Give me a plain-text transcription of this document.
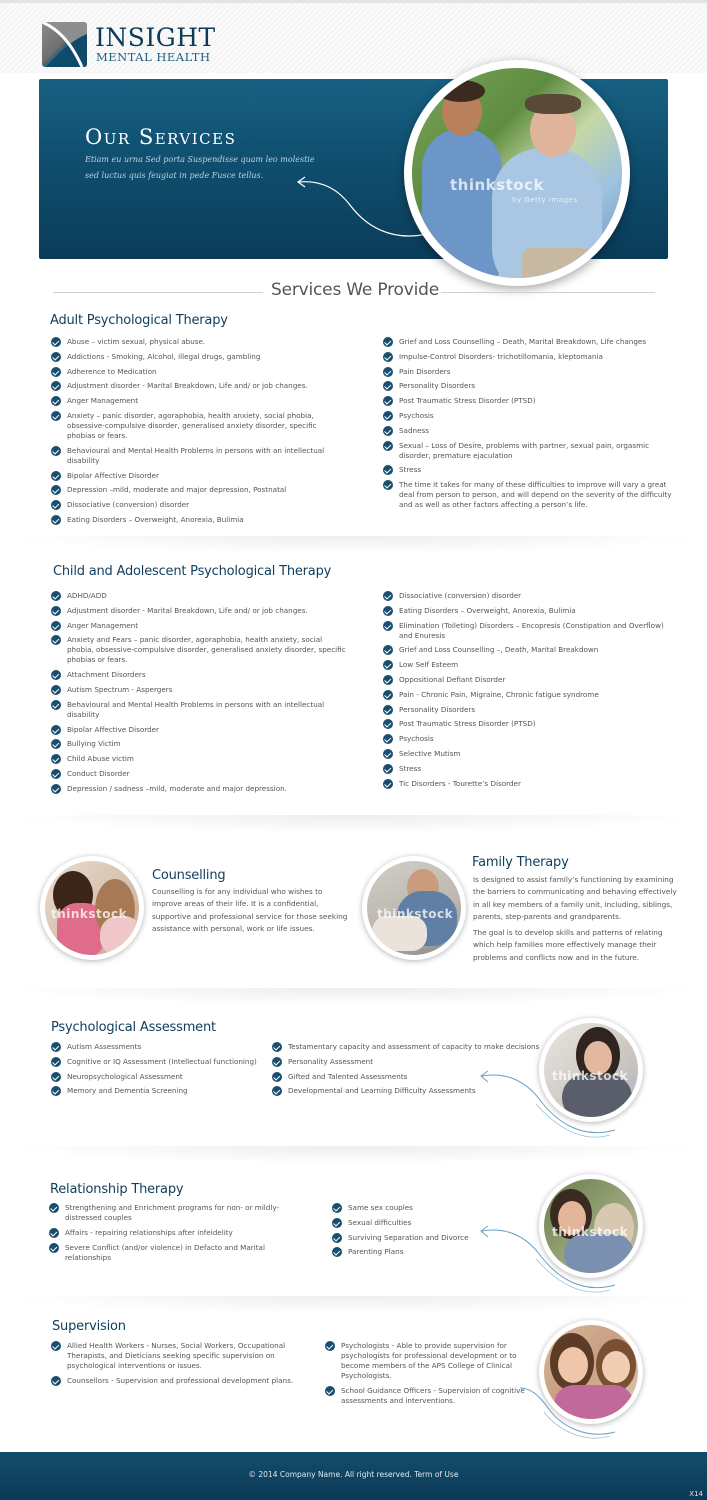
INSIGHT
MENTAL HEALTH
Our Services
Etiam eu urna Sed porta Suspendisse quam leo molestie sed luctus quis feugiat in pede Fusce tellus.
thinkstock
by Getty Images
Services We Provide
Adult Psychological Therapy
Abuse – victim sexual, physical abuse.
Addictions - Smoking, Alcohol, illegal drugs, gambling
Adherence to Medication
Adjustment disorder - Marital Breakdown, Life and/ or job changes.
Anger Management
Anxiety – panic disorder, agoraphobia, health anxiety, social phobia, obsessive-compulsive disorder, generalised anxiety disorder, specific phobias or fears.
Behavioural and Mental Health Problems in persons with an intellectual disability
Bipolar Affective Disorder
Depression –mild, moderate and major depression, Postnatal
Dissociative (conversion) disorder
Eating Disorders – Overweight, Anorexia, Bulimia
Grief and Loss Counselling – Death, Marital Breakdown, Life changes
Impulse-Control Disorders- trichotillomania, kleptomania
Pain Disorders
Personality Disorders
Post Traumatic Stress Disorder (PTSD)
Psychosis
Sadness
Sexual – Loss of Desire, problems with partner, sexual pain, orgasmic disorder, premature ejaculation
Stress
The time it takes for many of these difficulties to improve will vary a great deal from person to person, and will depend on the severity of the difficulty and as well as other factors affecting a person’s life.
Child and Adolescent Psychological Therapy
ADHD/ADD
Adjustment disorder - Marital Breakdown, Life and/ or job changes.
Anger Management
Anxiety and Fears – panic disorder, agoraphobia, health anxiety, social phobia, obsessive-compulsive disorder, generalised anxiety disorder, specific phobias or fears.
Attachment Disorders
Autism Spectrum - Aspergers
Behavioural and Mental Health Problems in persons with an intellectual disability
Bipolar Affective Disorder
Bullying Victim
Child Abuse victim
Conduct Disorder
Depression / sadness –mild, moderate and major depression.
Dissociative (conversion) disorder
Eating Disorders – Overweight, Anorexia, Bulimia
Elimination (Toileting) Disorders – Encopresis (Constipation and Overflow) and Enuresis
Grief and Loss Counselling –, Death, Marital Breakdown
Low Self Esteem
Oppositional Defiant Disorder
Pain - Chronic Pain, Migraine, Chronic fatigue syndrome
Personality Disorders
Post Traumatic Stress Disorder (PTSD)
Psychosis
Selective Mutism
Stress
Tic Disorders - Tourette’s Disorder
thinkstock
Counselling
Counselling is for any individual who wishes to improve areas of their life. It is a confidential, supportive and professional service for those seeking assistance with personal, work or life issues.
thinkstock
Family Therapy
Is designed to assist family’s functioning by examining the barriers to communicating and behaving effectively in all key members of a family unit, including, siblings, parents, step-parents and grandparents.
The goal is to develop skills and patterns of relating which help families more effectively manage their problems and conflicts now and in the future.
Psychological Assessment
Autism Assessments
Cognitive or IQ Assessment (Intellectual functioning)
Neuropsychological Assessment
Memory and Dementia Screening
Testamentary capacity and assessment of capacity to make decisions
Personality Assessment
Gifted and Talented Assessments
Developmental and Learning Difficulty Assessments
thinkstock
Relationship Therapy
Strengthening and Enrichment programs for non- or mildly-distressed couples
Affairs - repairing relationships after infeidelity
Severe Conflict (and/or violence) in Defacto and Marital relationships
Same sex couples
Sexual difficulties
Surviving Separation and Divorce
Parenting Plans
thinkstock
Supervision
Allied Health Workers - Nurses, Social Workers, Occupational Therapists, and Dieticians seeking specific supervision on psychological interventions or issues.
Counsellors - Supervision and professional development plans.
Psychologists - Able to provide supervision for psychologists for professional development or to become members of the APS College of Clinical Psychologists.
School Guidance Officers - Supervision of cognitive assessments and interventions.
© 2014 Company Name. All right reserved. Term of Use
X14
